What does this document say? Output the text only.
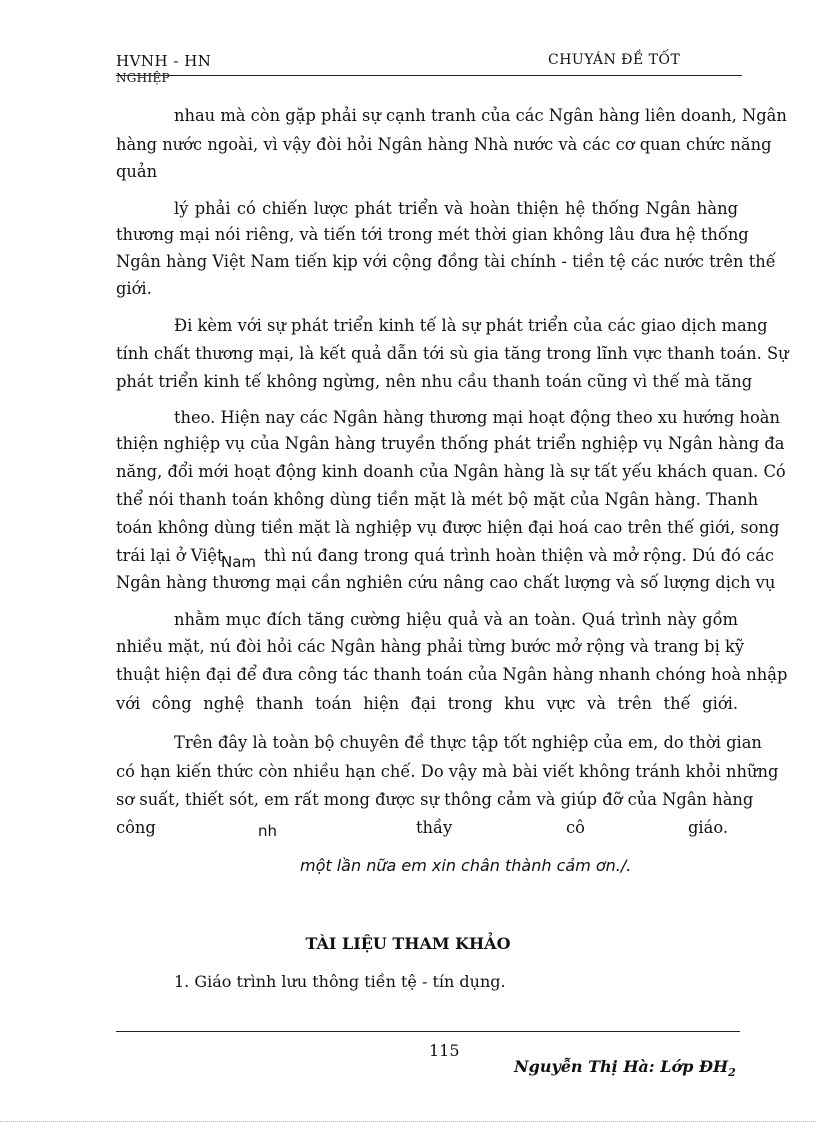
HVNH - HN
NGHIỆP
CHUYÁN ĐỀ TỐT
nhau mà còn gặp phải sự cạnh tranh của các Ngân hàng liên doanh, Ngân
hàng nước ngoài, vì vậy đòi hỏi Ngân hàng Nhà nước và các cơ quan chức năng
quản
lý phải có chiến lược phát triển và hoàn thiện hệ thống Ngân hàng
thương mại nói riêng, và tiến tới trong mét thời gian không lâu đưa hệ thống
Ngân hàng Việt Nam tiến kịp với cộng đồng tài chính - tiền tệ các nước trên thế
giới.
Đi kèm với sự phát triển kinh tế là sự phát triển của các giao dịch mang
tính chất thương mại, là kết quả dẫn tới sù gia tăng trong lĩnh vực thanh toán. Sự
phát triển kinh tế không ngừng, nên nhu cầu thanh toán cũng vì thế mà tăng
theo. Hiện nay các Ngân hàng thương mại hoạt động theo xu hướng hoàn
thiện nghiệp vụ của Ngân hàng truyền thống phát triển nghiệp vụ Ngân hàng đa
năng, đổi mới hoạt động kinh doanh của Ngân hàng là sự tất yếu khách quan. Có
thể nói thanh toán không dùng tiền mặt là mét bộ mặt của Ngân hàng. Thanh
toán không dùng tiền mặt là nghiệp vụ được hiện đại hoá cao trên thế giới, song
trái lại ở Việt
Nam thì nú đang trong quá trình hoàn thiện và mở rộng. Dú đó các
Ngân hàng thương mại cần nghiên cứu nâng cao chất lượng và số lượng dịch vụ
nhằm mục đích tăng cường hiệu quả và an toàn. Quá trình này gồm
nhiều mặt, nú đòi hỏi các Ngân hàng phải từng bước mở rộng và trang bị kỹ
thuật hiện đại để đưa công tác thanh toán của Ngân hàng nhanh chóng hoà nhập
với công nghệ thanh toán hiện đại trong khu vực và trên thế giới.
Trên đây là toàn bộ chuyên đề thực tập tốt nghiệp của em, do thời gian
có hạn kiến thức còn nhiều hạn chế. Do vậy mà bài viết không tránh khỏi những
sơ suất, thiết sót, em rất mong được sự thông cảm và giúp đỡ của Ngân hàng
công	nh	thầy	cô	giáo.
một lần nữa em xin chân thành cảm ơn./.
TÀI LIỆU THAM KHẢO
1. Giáo trình lưu thông tiền tệ - tín dụng.
115
Nguyễn Thị Hà: Lớp $ĐH_2$
